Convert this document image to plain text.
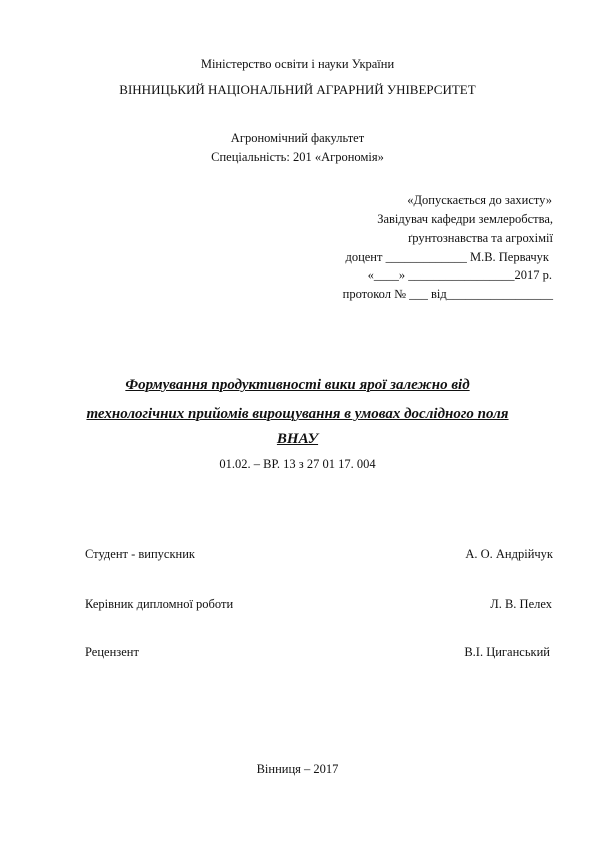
Міністерство освіти і науки України
ВІННИЦЬКИЙ НАЦІОНАЛЬНИЙ АГРАРНИЙ УНІВЕРСИТЕТ
Агрономічний факультет
Спеціальність: 201 «Агрономія»
«Допускається до захисту»
Завідувач кафедри землеробства,
ґрунтознавства та агрохімії
доцент _____________ М.В. Первачук
«____» _________________2017 р.
протокол № ___ від_________________
Формування продуктивності вики ярої залежно від
технологічних прийомів вирощування в умовах дослідного поля
ВНАУ
01.02. – ВР. 13 з 27 01 17. 004
Студент - випускник	А. О. Андрійчук
Керівник дипломної роботи	Л. В. Пелех
Рецензент	В.І. Циганський
Вінниця – 2017
